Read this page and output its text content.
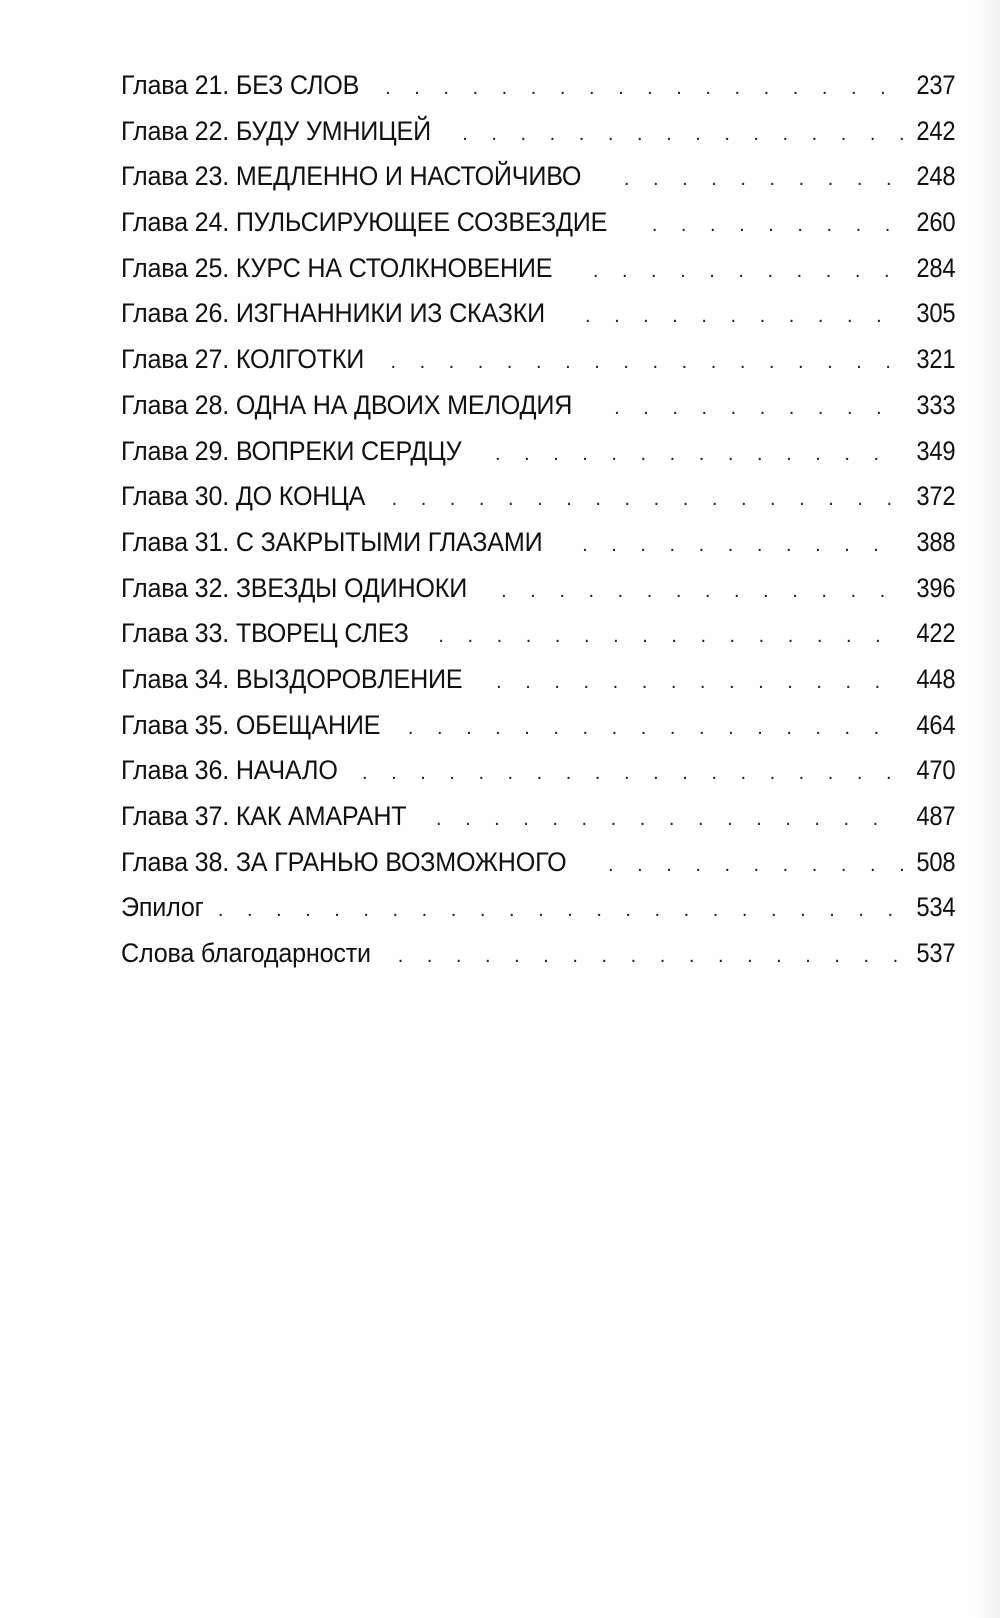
Глава 21. БЕЗ СЛОВ . . .	237
Глава 22. БУДУ УМНИЦЕЙ . . .	242
Глава 23. МЕДЛЕННО И НАСТОЙЧИВО . . .	248
Глава 24. ПУЛЬСИРУЮЩЕЕ СОЗВЕЗДИЕ . . .	260
Глава 25. КУРС НА СТОЛКНОВЕНИЕ . . .	284
Глава 26. ИЗГНАННИКИ ИЗ СКАЗКИ . . .	305
Глава 27. КОЛГОТКИ . . .	321
Глава 28. ОДНА НА ДВОИХ МЕЛОДИЯ . . .	333
Глава 29. ВОПРЕКИ СЕРДЦУ . . .	349
Глава 30. ДО КОНЦА . . .	372
Глава 31. С ЗАКРЫТЫМИ ГЛАЗАМИ . . .	388
Глава 32. ЗВЕЗДЫ ОДИНОКИ . . .	396
Глава 33. ТВОРЕЦ СЛЕЗ . . .	422
Глава 34. ВЫЗДОРОВЛЕНИЕ . . .	448
Глава 35. ОБЕЩАНИЕ . . .	464
Глава 36. НАЧАЛО . . .	470
Глава 37. КАК АМАРАНТ . . .	487
Глава 38. ЗА ГРАНЬЮ ВОЗМОЖНОГО . . .	508
Эпилог . . .	534
Слова благодарности . . .	537
